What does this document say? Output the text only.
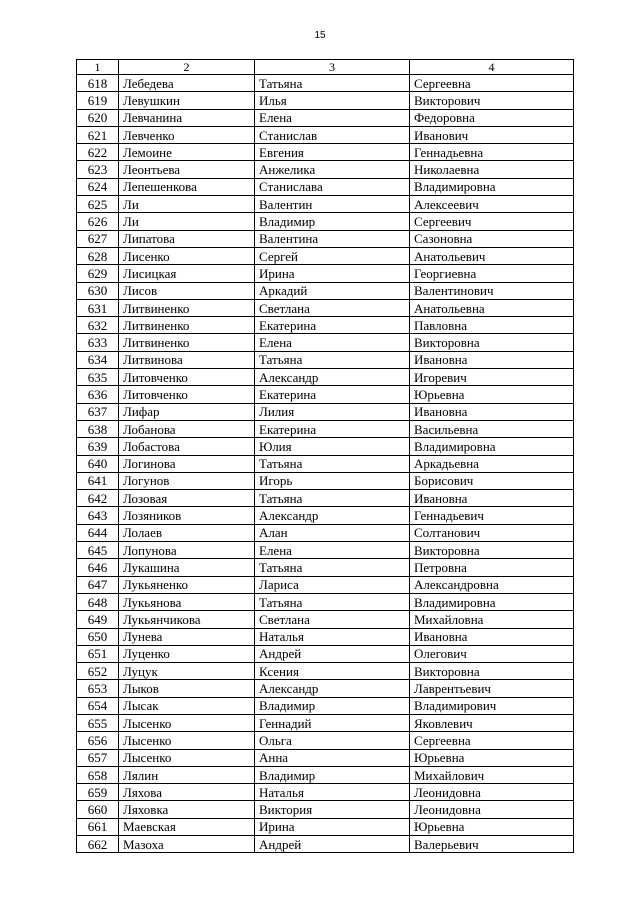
15
1	2	3	4
618	Лебедева	Татьяна	Сергеевна
619	Левушкин	Илья	Викторович
620	Левчанина	Елена	Федоровна
621	Левченко	Станислав	Иванович
622	Лемоине	Евгения	Геннадьевна
623	Леонтьева	Анжелика	Николаевна
624	Лепешенкова	Станислава	Владимировна
625	Ли	Валентин	Алексеевич
626	Ли	Владимир	Сергеевич
627	Липатова	Валентина	Сазоновна
628	Лисенко	Сергей	Анатольевич
629	Лисицкая	Ирина	Георгиевна
630	Лисов	Аркадий	Валентинович
631	Литвиненко	Светлана	Анатольевна
632	Литвиненко	Екатерина	Павловна
633	Литвиненко	Елена	Викторовна
634	Литвинова	Татьяна	Ивановна
635	Литовченко	Александр	Игоревич
636	Литовченко	Екатерина	Юрьевна
637	Лифар	Лилия	Ивановна
638	Лобанова	Екатерина	Васильевна
639	Лобастова	Юлия	Владимировна
640	Логинова	Татьяна	Аркадьевна
641	Логунов	Игорь	Борисович
642	Лозовая	Татьяна	Ивановна
643	Лозяников	Александр	Геннадьевич
644	Лолаев	Алан	Солтанович
645	Лопунова	Елена	Викторовна
646	Лукашина	Татьяна	Петровна
647	Лукьяненко	Лариса	Александровна
648	Лукьянова	Татьяна	Владимировна
649	Лукьянчикова	Светлана	Михайловна
650	Лунева	Наталья	Ивановна
651	Луценко	Андрей	Олегович
652	Луцук	Ксения	Викторовна
653	Лыков	Александр	Лаврентьевич
654	Лысак	Владимир	Владимирович
655	Лысенко	Геннадий	Яковлевич
656	Лысенко	Ольга	Сергеевна
657	Лысенко	Анна	Юрьевна
658	Лялин	Владимир	Михайлович
659	Ляхова	Наталья	Леонидовна
660	Ляховка	Виктория	Леонидовна
661	Маевская	Ирина	Юрьевна
662	Мазоха	Андрей	Валерьевич
